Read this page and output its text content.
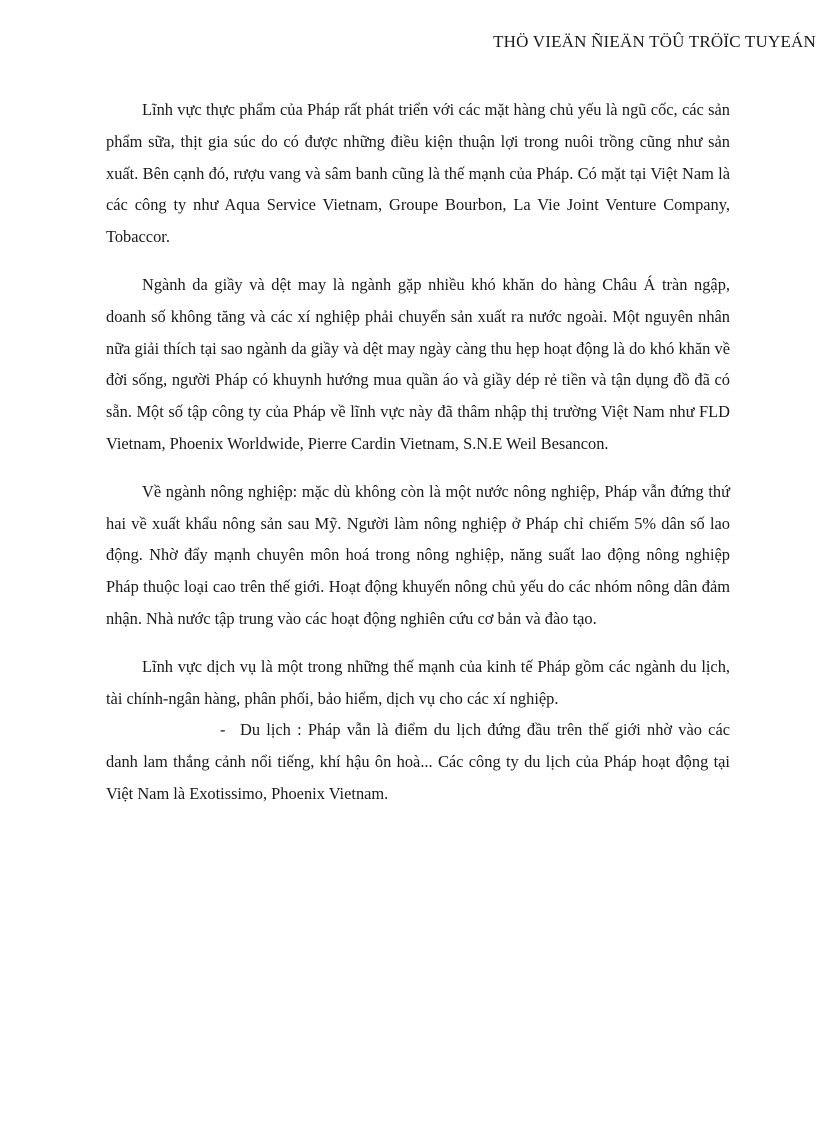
THÖ VIEÄN ÑIEÄN TÖÛ TRÖÏC TUYEÁN

Lĩnh vực thực phẩm của Pháp rất phát triển với các mặt hàng chủ yếu là ngũ cốc, các sản phẩm sữa, thịt gia súc do có được những điều kiện thuận lợi trong nuôi trồng cũng như sản xuất. Bên cạnh đó, rượu vang và sâm banh cũng là thế mạnh của Pháp. Có mặt tại Việt Nam là các công ty như Aqua Service Vietnam, Groupe Bourbon, La Vie Joint Venture Company, Tobaccor.

Ngành da giầy và dệt may là ngành gặp nhiều khó khăn do hàng Châu Á tràn ngập, doanh số không tăng và các xí nghiệp phải chuyển sản xuất ra nước ngoài. Một nguyên nhân nữa giải thích tại sao ngành da giầy và dệt may ngày càng thu hẹp hoạt động là do khó khăn về đời sống, người Pháp có khuynh hướng mua quần áo và giầy dép rẻ tiền và tận dụng đồ đã có sẵn. Một số tập công ty của Pháp về lĩnh vực này đã thâm nhập thị trường Việt Nam như FLD Vietnam, Phoenix Worldwide, Pierre Cardin Vietnam, S.N.E Weil Besancon.

Về ngành nông nghiệp: mặc dù không còn là một nước nông nghiệp, Pháp vẫn đứng thứ hai về xuất khẩu nông sản sau Mỹ. Người làm nông nghiệp ở Pháp chỉ chiếm 5% dân số lao động. Nhờ đẩy mạnh chuyên môn hoá trong nông nghiệp, năng suất lao động nông nghiệp Pháp thuộc loại cao trên thế giới. Hoạt động khuyến nông chủ yếu do các nhóm nông dân đảm nhận. Nhà nước tập trung vào các hoạt động nghiên cứu cơ bản và đào tạo.

Lĩnh vực dịch vụ là một trong những thế mạnh của kinh tế Pháp gồm các ngành du lịch, tài chính-ngân hàng, phân phối, bảo hiểm, dịch vụ cho các xí nghiệp.

- Du lịch : Pháp vẫn là điểm du lịch đứng đầu trên thế giới nhờ vào các danh lam thắng cảnh nổi tiếng, khí hậu ôn hoà... Các công ty du lịch của Pháp hoạt động tại Việt Nam là Exotissimo, Phoenix Vietnam.
